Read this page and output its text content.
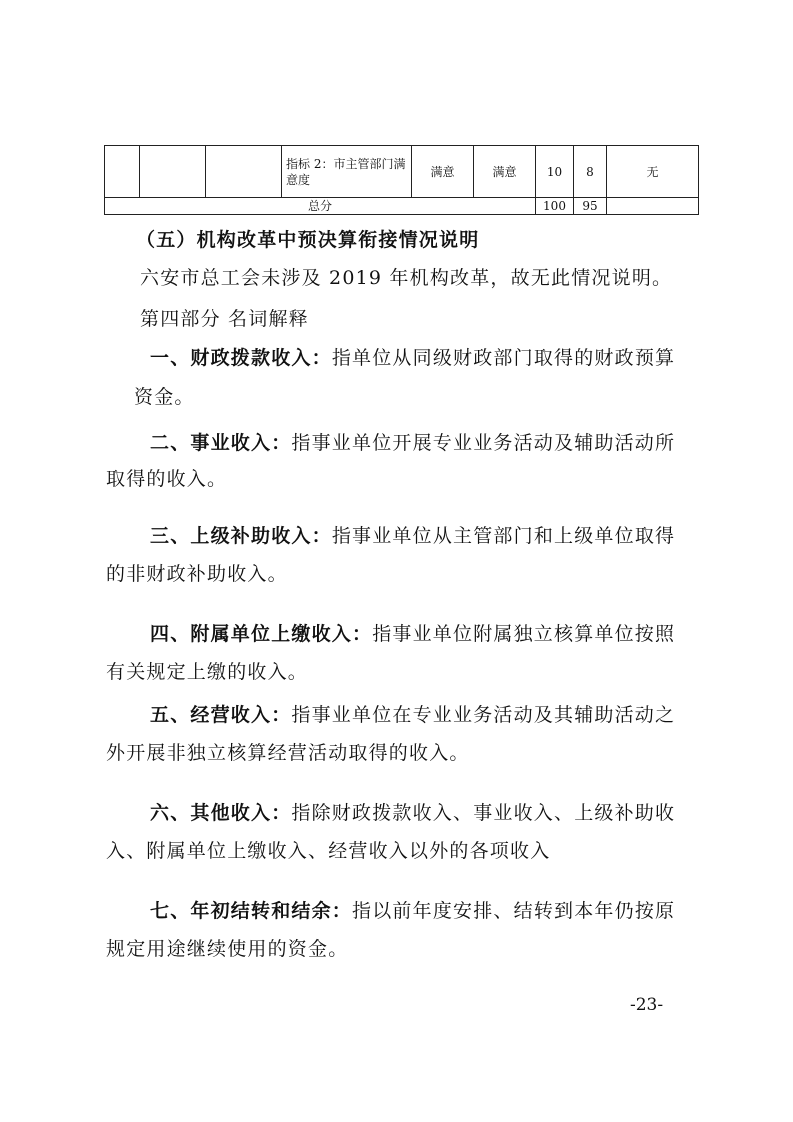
			指标 2：市主管部门满意度	满意	满意	10	8	无
总分						100	95	
（五）机构改革中预决算衔接情况说明
六安市总工会未涉及 2019 年机构改革，故无此情况说明。
第四部分 名词解释
一、财政拨款收入：指单位从同级财政部门取得的财政预算
资金。
二、事业收入：指事业单位开展专业业务活动及辅助活动所
取得的收入。
三、上级补助收入：指事业单位从主管部门和上级单位取得
的非财政补助收入。
四、附属单位上缴收入：指事业单位附属独立核算单位按照
有关规定上缴的收入。
五、经营收入：指事业单位在专业业务活动及其辅助活动之
外开展非独立核算经营活动取得的收入。
六、其他收入：指除财政拨款收入、事业收入、上级补助收
入、附属单位上缴收入、经营收入以外的各项收入
七、年初结转和结余：指以前年度安排、结转到本年仍按原
规定用途继续使用的资金。
-23-
